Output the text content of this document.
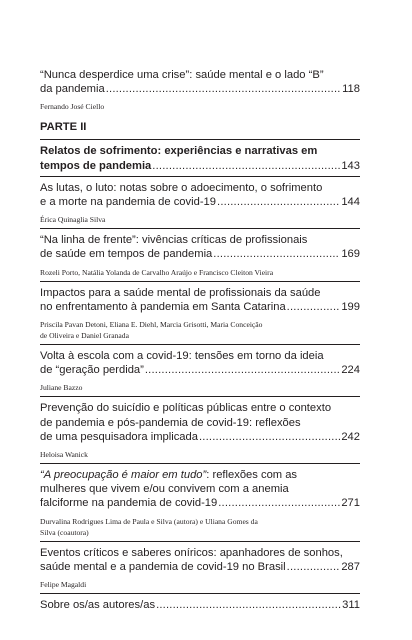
“Nunca desperdice uma crise”: saúde mental e o lado “B”
da pandemia .....	118
Fernando José Ciello
PARTE II
Relatos de sofrimento: experiências e narrativas em
tempos de pandemia .....	143
As lutas, o luto: notas sobre o adoecimento, o sofrimento
e a morte na pandemia de covid-19 .....	144
Érica Quinaglia Silva
“Na linha de frente”: vivências críticas de profissionais
de saúde em tempos de pandemia .....	169
Rozeli Porto, Natália Yolanda de Carvalho Araújo e Francisco Cleiton Vieira
Impactos para a saúde mental de profissionais da saúde
no enfrentamento à pandemia em Santa Catarina .....	199
Priscila Pavan Detoni, Eliana E. Diehl, Marcia Grisotti, Maria Conceição
de Oliveira e Daniel Granada
Volta à escola com a covid-19: tensões em torno da ideia
de “geração perdida” .....	224
Juliane Bazzo
Prevenção do suicídio e políticas públicas entre o contexto
de pandemia e pós-pandemia de covid-19: reflexões
de uma pesquisadora implicada .....	242
Heloisa Wanick
“A preocupação é maior em tudo”: reflexões com as
mulheres que vivem e/ou convivem com a anemia
falciforme na pandemia de covid-19 .....	271
Durvalina Rodrigues Lima de Paula e Silva (autora) e Uliana Gomes da
Silva (coautora)
Eventos críticos e saberes oníricos: apanhadores de sonhos,
saúde mental e a pandemia de covid-19 no Brasil .....	287
Felipe Magaldi
Sobre os/as autores/as .....	311
